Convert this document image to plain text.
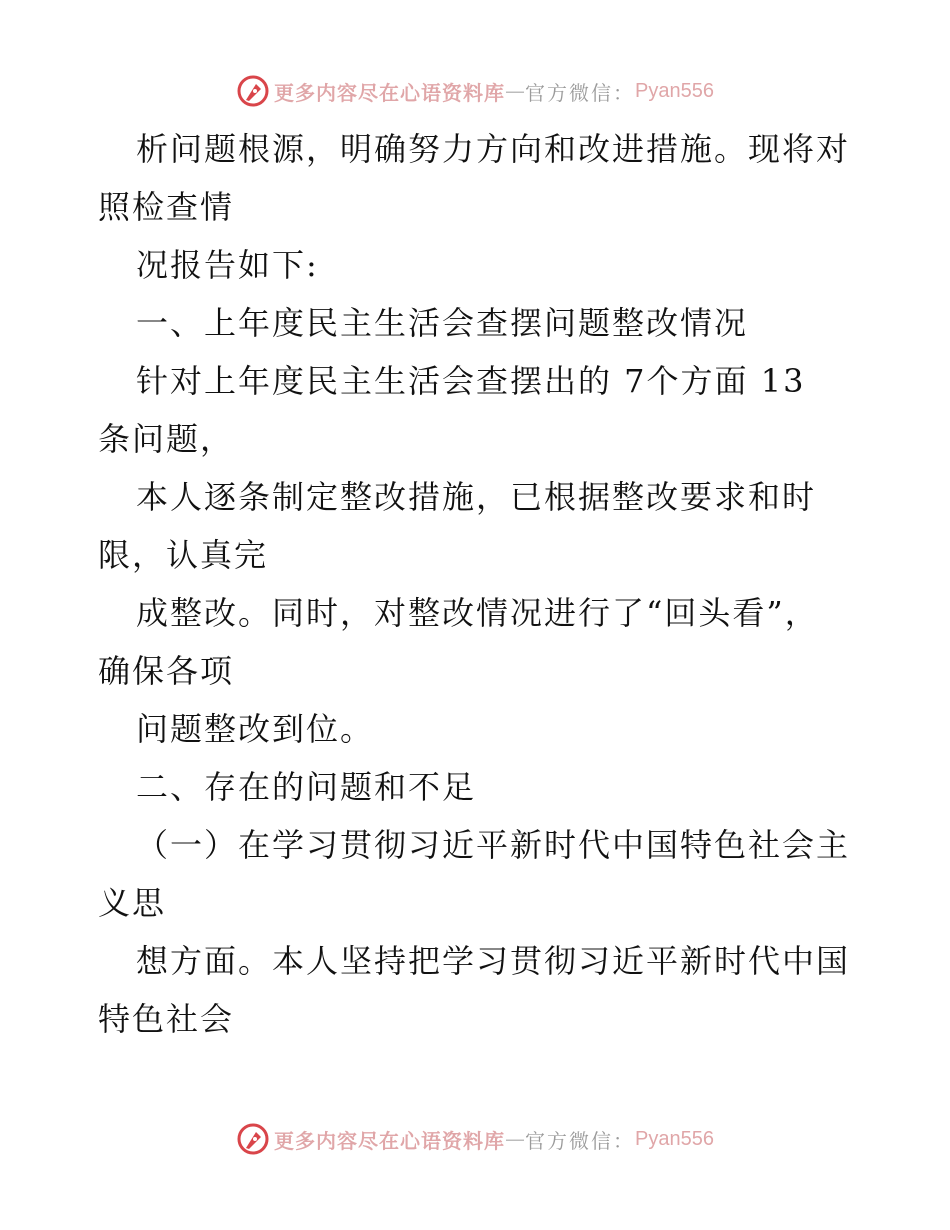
更多内容尽在心语资料库 — 官方微信： Pyan556

析问题根源，明确努力方向和改进措施。现将对

照检查情

况报告如下:

一、上年度民主生活会查摆问题整改情况

针对上年度民主生活会查摆出的 7个方面 13

条问题，

本人逐条制定整改措施，已根据整改要求和时

限，认真完

成整改。同时，对整改情况进行了“回头看”，

确保各项

问题整改到位。

二、存在的问题和不足

（一）在学习贯彻习近平新时代中国特色社会主

义思

想方面。本人坚持把学习贯彻习近平新时代中国

特色社会

更多内容尽在心语资料库 — 官方微信： Pyan556
